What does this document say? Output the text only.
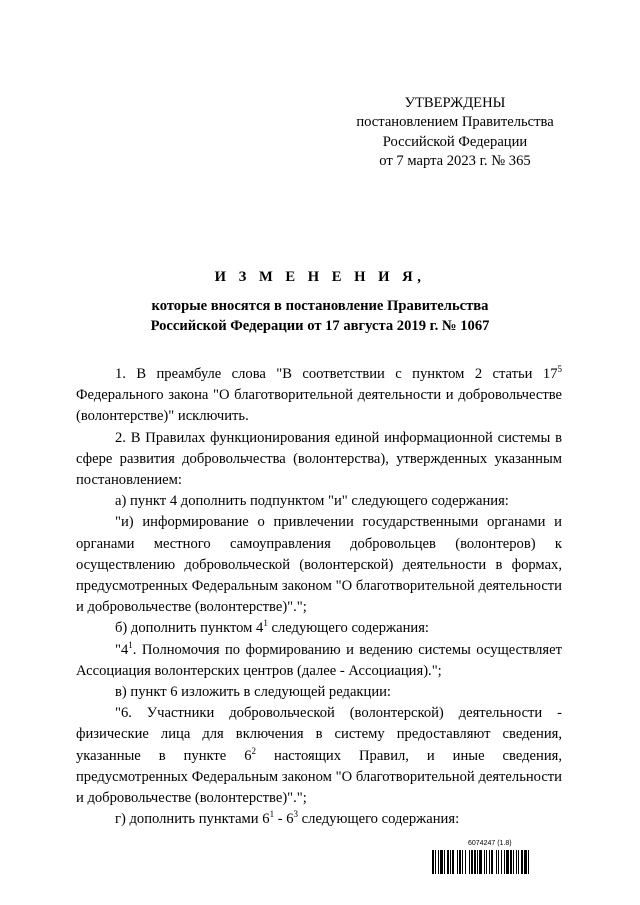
УТВЕРЖДЕНЫ
постановлением Правительства
Российской Федерации
от 7 марта 2023 г. № 365
И З М Е Н Е Н И Я,
которые вносятся в постановление Правительства
Российской Федерации от 17 августа 2019 г. № 1067

1. В преамбуле слова "В соответствии с пунктом 2 статьи $17^5$ Федерального закона "О благотворительной деятельности и добровольчестве (волонтерстве)" исключить.

2. В Правилах функционирования единой информационной системы в сфере развития добровольчества (волонтерства), утвержденных указанным постановлением:

а) пункт 4 дополнить подпунктом "и" следующего содержания:

"и) информирование о привлечении государственными органами и органами местного самоуправления добровольцев (волонтеров) к осуществлению добровольческой (волонтерской) деятельности в формах, предусмотренных Федеральным законом "О благотворительной деятельности и добровольчестве (волонтерстве)".";

б) дополнить пунктом $4^1$ следующего содержания:

"$4^1$. Полномочия по формированию и ведению системы осуществляет Ассоциация волонтерских центров (далее - Ассоциация).";

в) пункт 6 изложить в следующей редакции:

"6. Участники добровольческой (волонтерской) деятельности - физические лица для включения в систему предоставляют сведения, указанные в пункте $6^2$ настоящих Правил, и иные сведения, предусмотренных Федеральным законом "О благотворительной деятельности и добровольчестве (волонтерстве)".";

г) дополнить пунктами $6^1 - 6^3$ следующего содержания:

6074247 (1.8)
